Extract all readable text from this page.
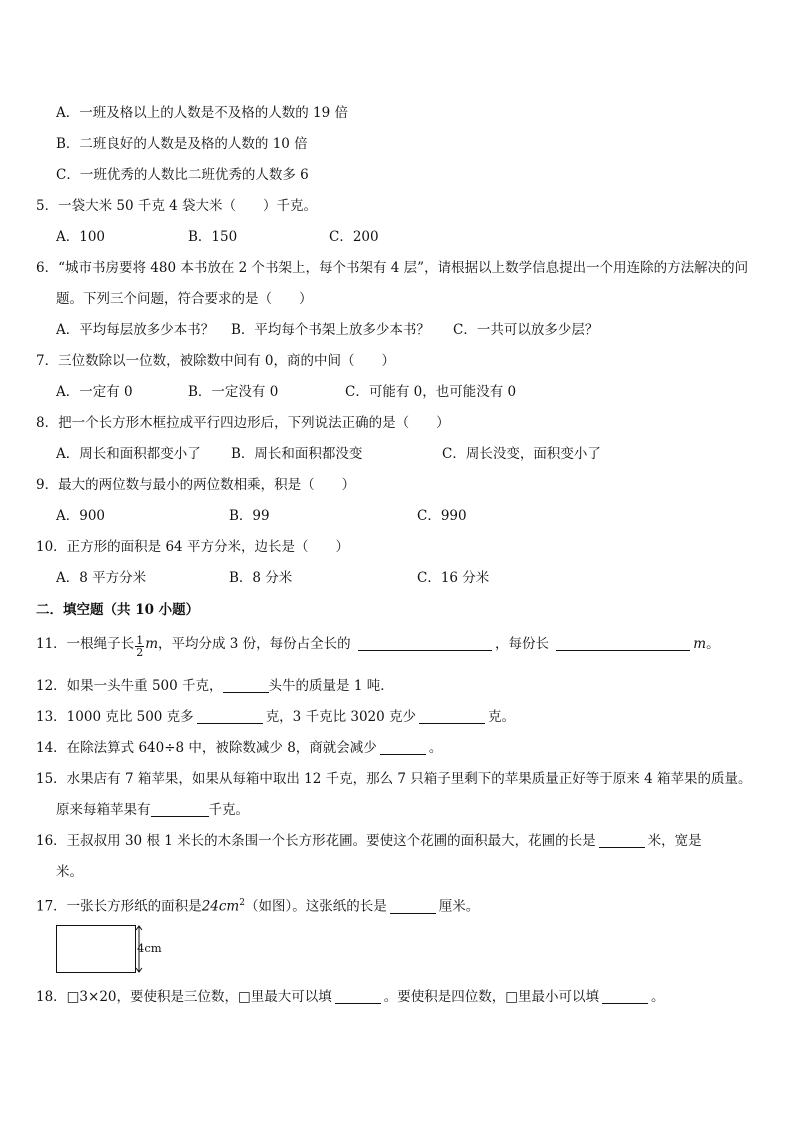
A．一班及格以上的人数是不及格的人数的 19 倍
B．二班良好的人数是及格的人数的 10 倍
C．一班优秀的人数比二班优秀的人数多 6
5．一袋大米 50 千克 4 袋大米（　　）千克。
A．100	B．150	C．200
6．“城市书房要将 480 本书放在 2 个书架上，每个书架有 4 层”，请根据以上数学信息提出一个用连除的方法解决的问
题。下列三个问题，符合要求的是（　　）
A．平均每层放多少本书？ B．平均每个书架上放多少本书？ C．一共可以放多少层？
7．三位数除以一位数，被除数中间有 0，商的中间（　　）
A．一定有 0	B．一定没有 0	C．可能有 0，也可能没有 0
8．把一个长方形木框拉成平行四边形后，下列说法正确的是（　　）
A．周长和面积都变小了 B．周长和面积都没变	C．周长没变，面积变小了
9．最大的两位数与最小的两位数相乘，积是（　　）
A．900	B．99	C．990
10．正方形的面积是 64 平方分米，边长是（　　）
A．8 平方分米	B．8 分米	C．16 分米
二．填空题（共 10 小题）
11．一根绳子长 $\frac{1}{2}$ m，平均分成 3 份，每份占全长的	，每份长	m。
12．如果一头牛重 500 千克，	头牛的质量是 1 吨．
13．1000 克比 500 克多	克，3 千克比 3020 克少	克。
14．在除法算式 640÷8 中，被除数减少 8，商就会减少	。
15．水果店有 7 箱苹果，如果从每箱中取出 12 千克，那么 7 只箱子里剩下的苹果质量正好等于原来 4 箱苹果的质量。
原来每箱苹果有	千克。
16．王叔叔用 30 根 1 米长的木条围一个长方形花圃。要使这个花圃的面积最大，花圃的长是	米，宽是
米。
17．一张长方形纸的面积是$24cm^2$（如图）。这张纸的长是	厘米。
4cm
18．□3×20，要使积是三位数，□里最大可以填	。要使积是四位数，□里最小可以填	。
